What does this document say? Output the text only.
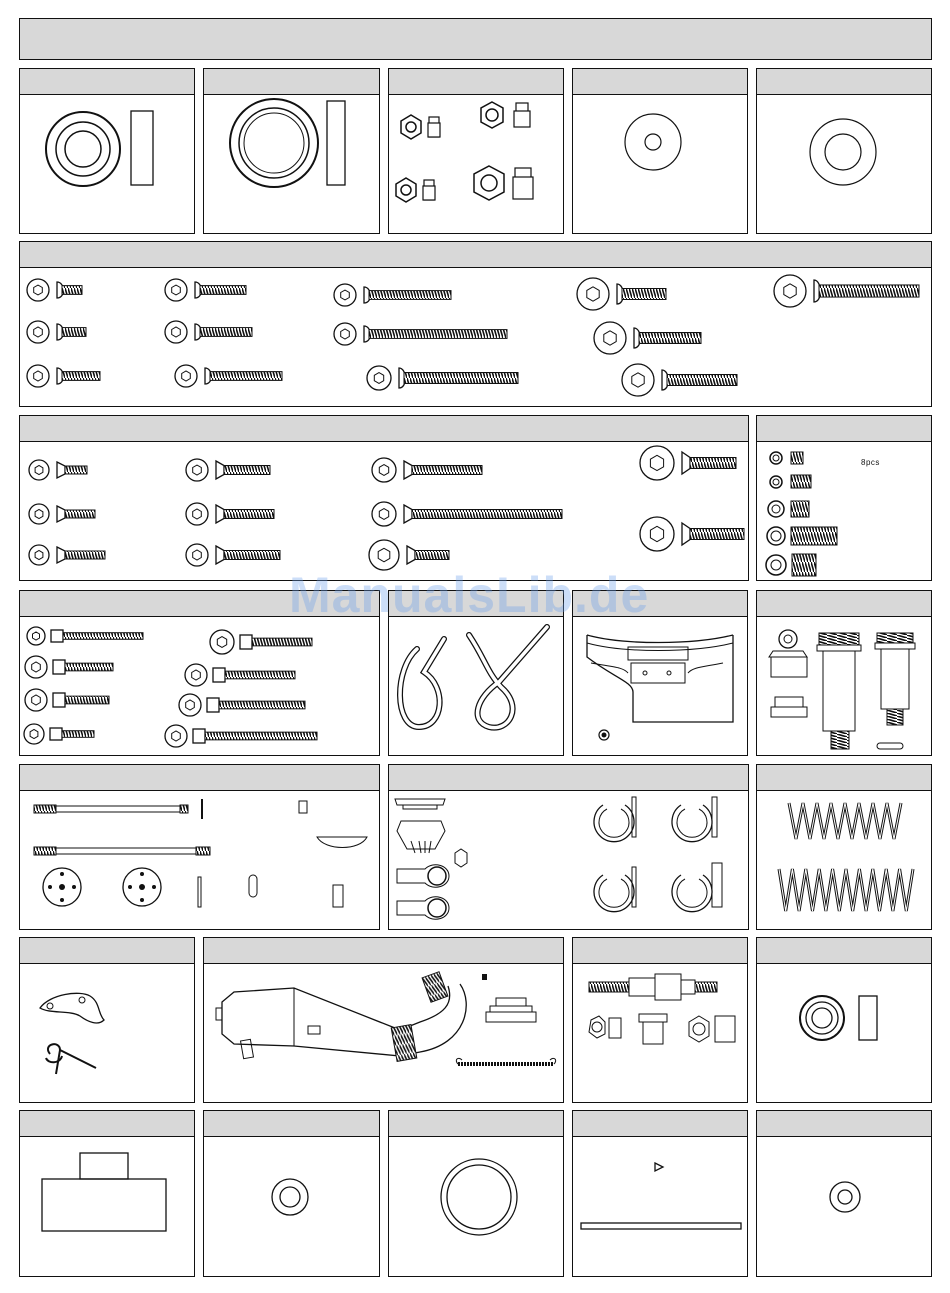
8pcs
ManualsLib.de
